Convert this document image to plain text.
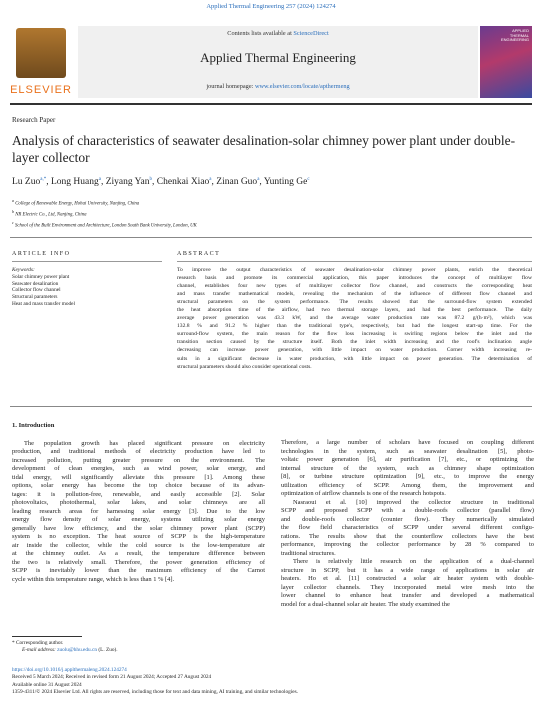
Applied Thermal Engineering 257 (2024) 124274
ELSEVIER
Contents lists available at ScienceDirect
Applied Thermal Engineering
journal homepage: www.elsevier.com/locate/apthermeng
APPLIED
THERMAL
ENGINEERING
Research Paper
Analysis of characteristics of seawater desalination-solar chimney power plant under double-layer collector
Lu Zuo$^{a,*}$, Long Huang$^a$, Ziyang Yan$^b$, Chenkai Xiao$^a$, Zinan Guo$^a$, Yunting Ge$^c$
$^a$ College of Renewable Energy, Hohai University, Nanjing, China
$^b$ NR Electric Co., Ltd, Nanjing, China
$^c$ School of the Built Environment and Architecture, London South Bank University, London, UK
ARTICLE INFO	ABSTRACT
Keywords:
Solar chimney power plant
Seawater desalination
Collector flow channel
Structural parameters
Heat and mass transfer model
To improve the output characteristics of seawater desalination-solar chimney power plants, enrich the theoretical
research basis and promote its commercial application, this paper introduces the concept of multilayer flow
channel, establishes four new types of multilayer collector flow channel, and constructs the corresponding heat
and mass transfer mathematical models, revealing the mechanism of the influence of different flow channel and
structural parameters on the system performance. The results showed that the surround-flow system extended
the heat absorption time of the airflow, had two thermal storage layers, and had the best performance. The daily
average power generation was 43.3 kW, and the average water production rate was 87.2 g/(h·m²), which was
132.8 % and 91.2 % higher than the traditional type's, respectively, but had the longest start-up time. For the
surround-flow system, the main reason for the flow loss increasing is swirling regions below the inlet and the
transition section caused by the structure itself. Both the inlet width increasing and the roof's inclination angle
decreasing can increase power generation, with little impact on water production. Corner width increasing re-
sults in a significant decrease in water production, with little impact on power generation. The determination of
structural parameters should also consider operational costs.
1. Introduction
The population growth has placed significant pressure on electricity
production, and traditional methods of electricity production have led to
increased pollution, putting greater pressure on the environment. The
development of clean energies, such as wind power, solar energy, and
tidal energy, will significantly alleviate this pressure [1]. Among these
options, solar energy has become the top choice because of its advan-
tages: it is pollution-free, renewable, and easily accessible [2]. Solar
photovoltaics, photothermal, solar lakes, and solar chimneys are all
leading research areas for harnessing solar energy [3]. Due to the low
energy flow density of solar energy, systems utilizing solar energy
generally have low efficiency, and the solar chimney power plant (SCPP)
system is no exception. The heat source of SCPP is the high-temperature
air inside the collector, while the cold source is the low-temperature air
at the chimney outlet. As a result, the temperature difference between
the two is relatively small. Therefore, the power generation efficiency of
SCPP is inevitably lower than the maximum efficiency of the Carnot
cycle within this temperature range, which is less than 1 % [4].
Therefore, a large number of scholars have focused on coupling different
technologies in the system, such as seawater desalination [5], photo-
voltaic power generation [6], air purification [7], etc., or optimizing the
internal structure of the system, such as chimney shape optimization
[8], or turbine structure optimization [9], etc., to improve the energy
utilization efficiency of SCPP. Among them, the improvement and
optimization of airflow channels is one of the research hotspots.
Nasraoui et al. [10] improved the collector structure in traditional
SCPP and proposed SCPP with a double-roofs collector (parallel flow)
and double-roofs collector (counter flow). They numerically simulated
the flow field characteristics of SCPP under several different configu-
rations. The results show that the counterflow collectors have the best
performance, improving the collector performance by 28 % compared to
traditional structures.
There is relatively little research on the application of a dual-channel
structure in SCPP, but it has a wide range of applications in solar air
heaters. Ho et al. [11] constructed a solar air heater system with double-
layer collector channels. They incorporated metal wire mesh into the
lower channel to enhance heat transfer and developed a mathematical
model for a dual-channel solar air heater. The study examined the
* Corresponding author.
E-mail address: zuolu@hhu.edu.cn (L. Zuo).
https://doi.org/10.1016/j.applthermaleng.2024.124274
Received 5 March 2024; Received in revised form 21 August 2024; Accepted 27 August 2024
Available online 31 August 2024
1359-4311/© 2024 Elsevier Ltd. All rights are reserved, including those for text and data mining, AI training, and similar technologies.
